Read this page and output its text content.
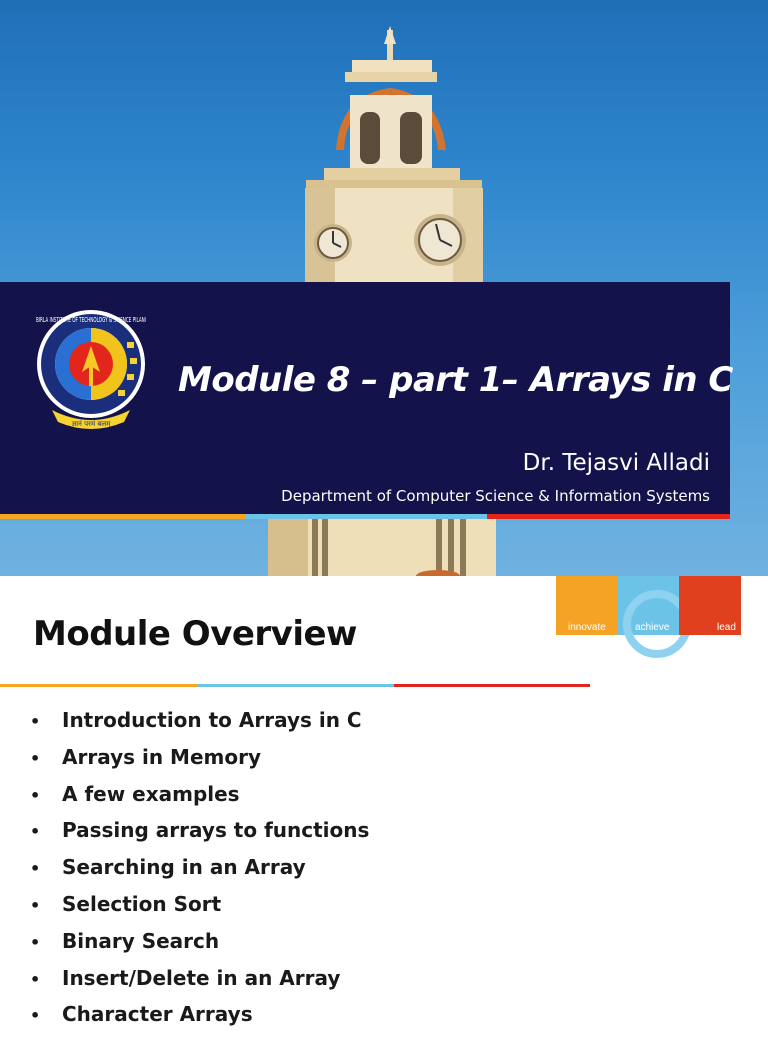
ज्ञानं परमं बलम्
BIRLA INSTITUTE OF TECHNOLOGY & SCIENCE PILANI
Module 8 – part 1– Arrays in C
Dr. Tejasvi Alladi
Department of Computer Science & Information Systems
Module Overview	innovate	achieve	lead
•	Introduction to Arrays in C
•	Arrays in Memory
•	A few examples
•	Passing arrays to functions
•	Searching in an Array
•	Selection Sort
•	Binary Search
•	Insert/Delete in an Array
•	Character Arrays
